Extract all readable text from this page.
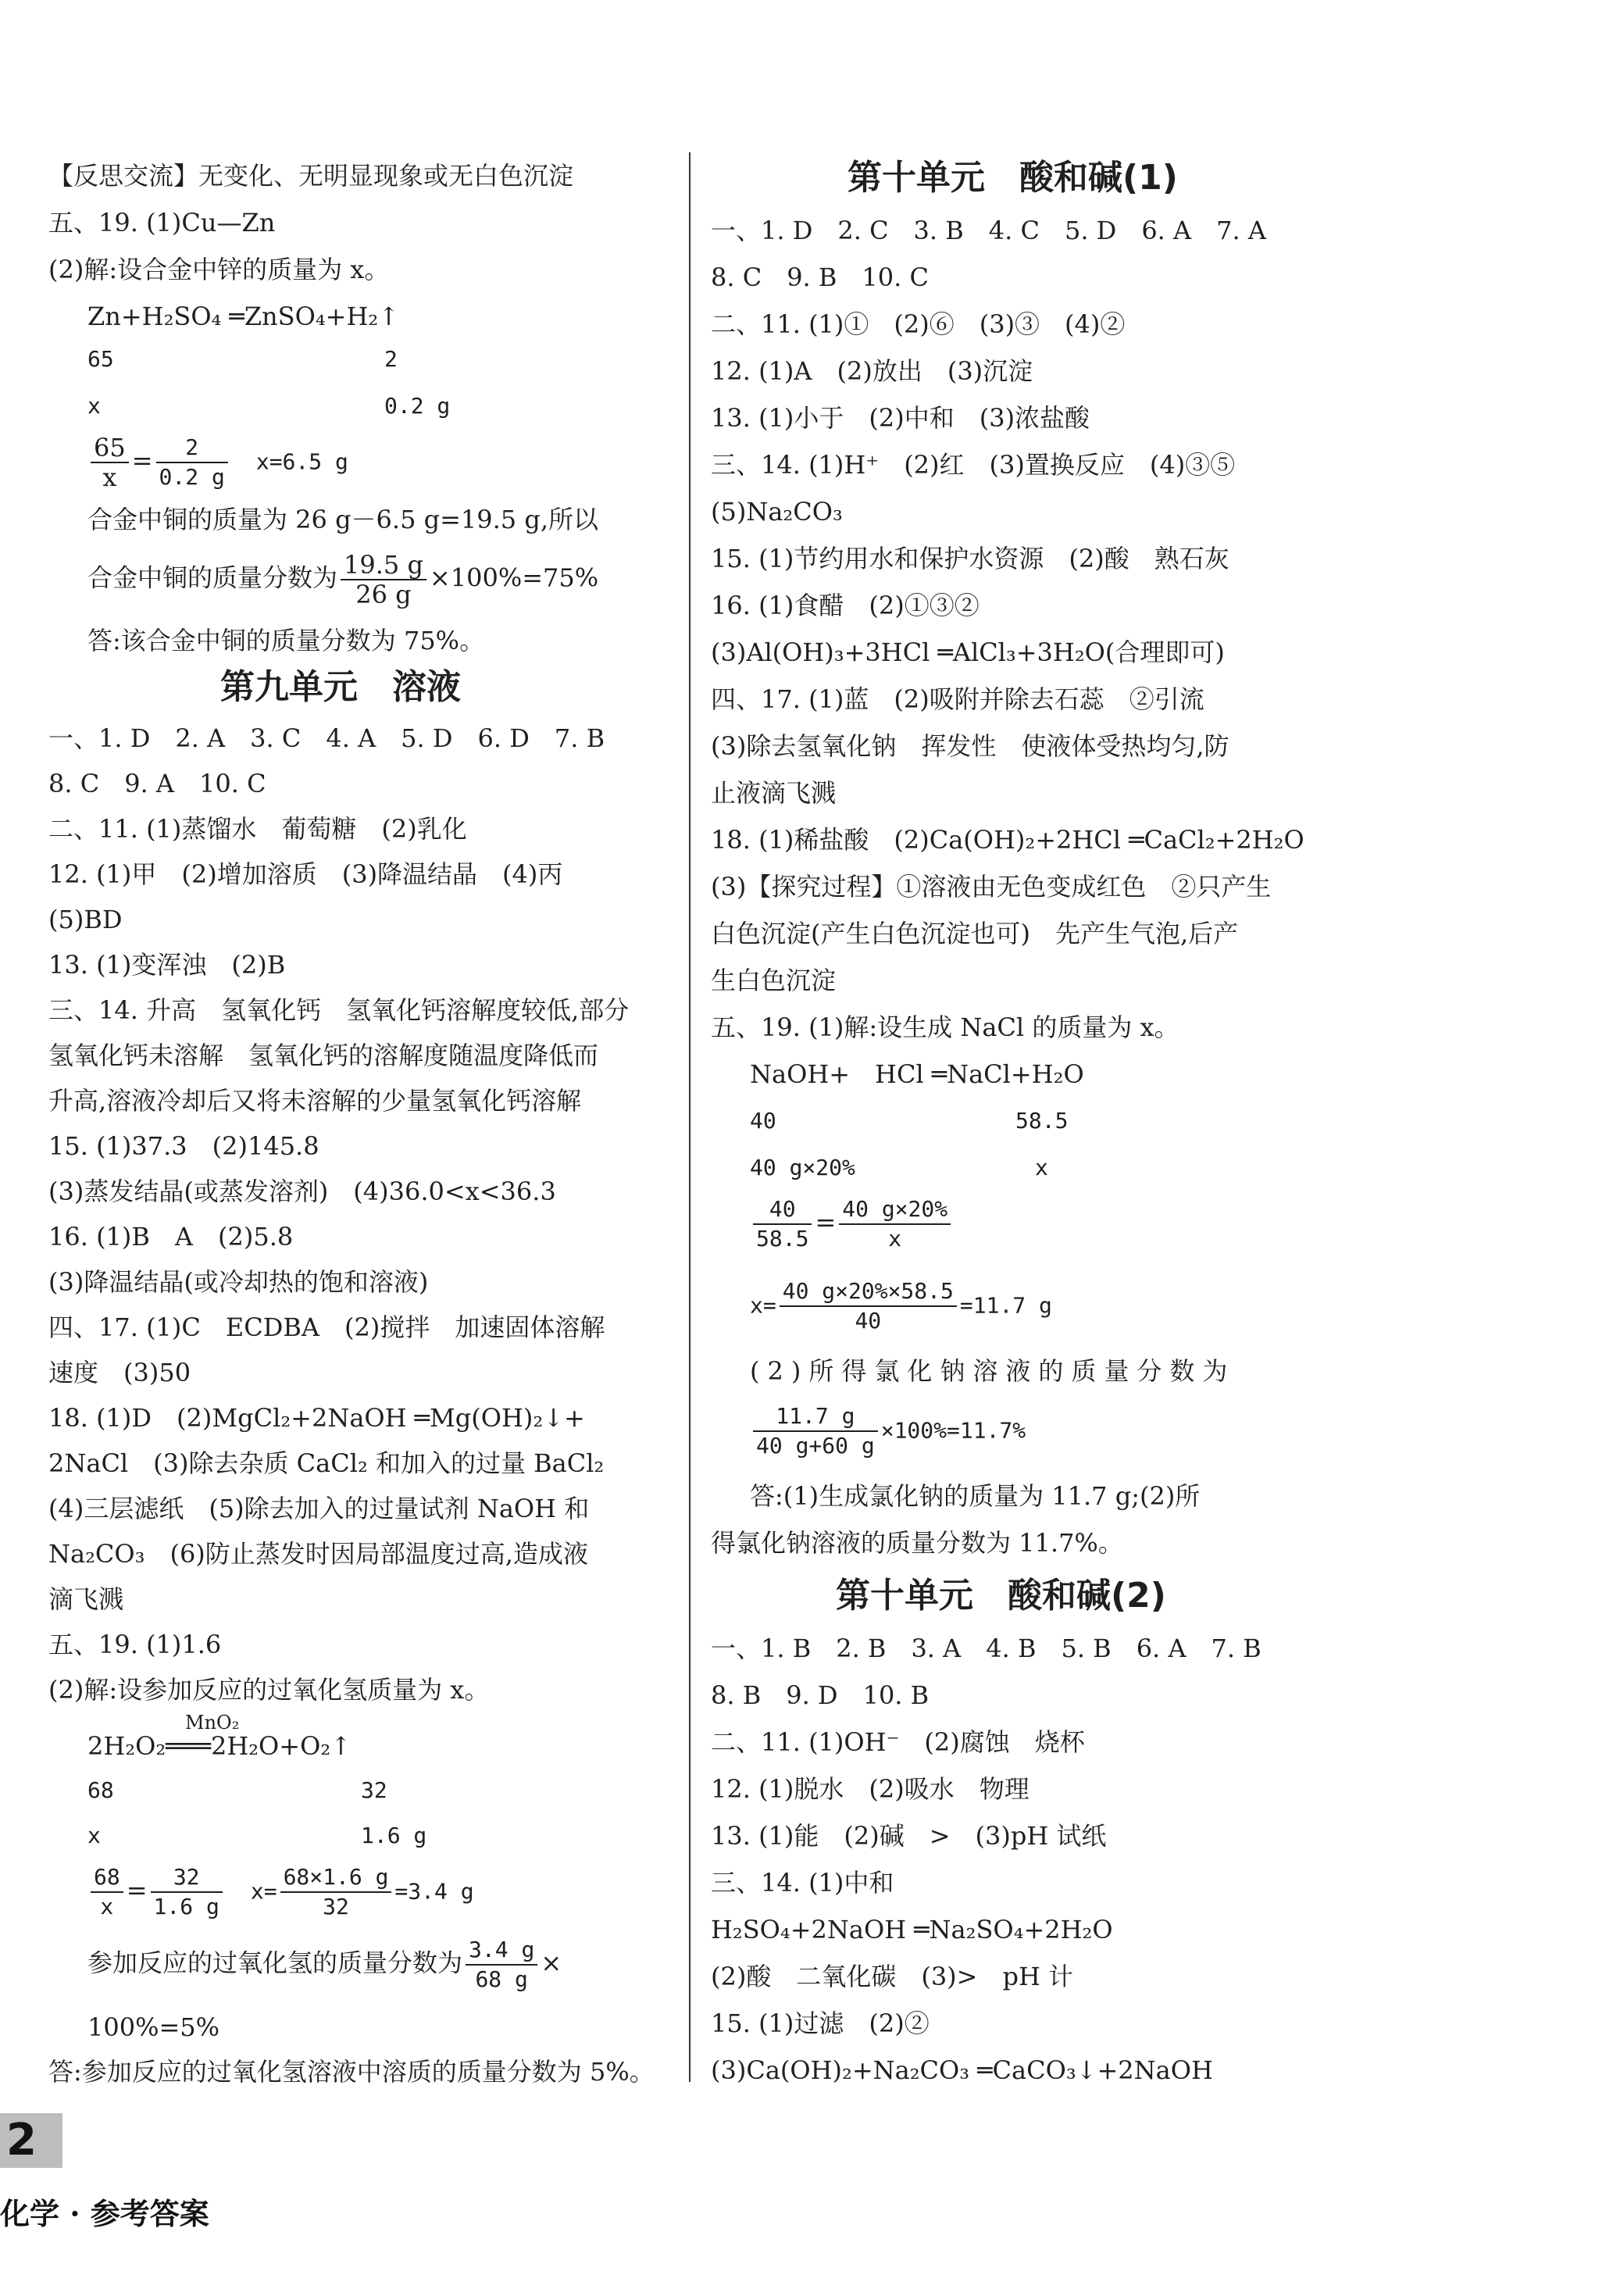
【反思交流】无变化、无明显现象或无白色沉淀
五、19. (1)Cu—Zn
(2)解:设合金中锌的质量为 x。
Zn+H₂SO₄ ═ZnSO₄+H₂↑
65	2
x	0.2 g
$\frac{65}{x} = \frac{2}{0.2 g}$
　 x=6.5 g
合金中铜的质量为 26 g－6.5 g=19.5 g,所以
合金中铜的质量分数为 $\frac{19.5 g}{26 g} \times 100\%=75\%$
答:该合金中铜的质量分数为 75%。
第九单元　溶液
一、1. D　2. A　3. C　4. A　5. D　6. D　7. B
8. C　9. A　10. C
二、11. (1)蒸馏水　葡萄糖　(2)乳化
12. (1)甲　(2)增加溶质　(3)降温结晶　(4)丙
(5)BD
13. (1)变浑浊　(2)B
三、14. 升高　氢氧化钙　氢氧化钙溶解度较低,部分
氢氧化钙未溶解　氢氧化钙的溶解度随温度降低而
升高,溶液冷却后又将未溶解的少量氢氧化钙溶解
15. (1)37.3　(2)145.8
(3)蒸发结晶(或蒸发溶剂)　(4)36.0<x<36.3
16. (1)B　A　(2)5.8
(3)降温结晶(或冷却热的饱和溶液)
四、17. (1)C　ECDBA　(2)搅拌　加速固体溶解
速度　(3)50
18. (1)D　(2)MgCl₂+2NaOH ═Mg(OH)₂↓+
2NaCl　(3)除去杂质 CaCl₂ 和加入的过量 BaCl₂
(4)三层滤纸　(5)除去加入的过量试剂 NaOH 和
Na₂CO₃　(6)防止蒸发时因局部温度过高,造成液
滴飞溅
五、19. (1)1.6
(2)解:设参加反应的过氧化氢质量为 x。
MnO₂
2H₂O₂═══2H₂O+O₂↑
68	32
x	1.6 g
$\frac{68}{x} = \frac{32}{1.6 g}$
　 $x= \frac{68\times 1.6 g}{32} =3.4$ g
参加反应的过氧化氢的质量分数为 $\frac{3.4 g}{68 g}$ ×
100%=5%
答:参加反应的过氧化氢溶液中溶质的质量分数为 5%。
第十单元　酸和碱(1)
一、1. D　2. C　3. B　4. C　5. D　6. A　7. A
8. C　9. B　10. C
二、11. (1)①　(2)⑥　(3)③　(4)②
12. (1)A　(2)放出　(3)沉淀
13. (1)小于　(2)中和　(3)浓盐酸
三、14. (1)H⁺　(2)红　(3)置换反应　(4)③⑤
(5)Na₂CO₃
15. (1)节约用水和保护水资源　(2)酸　熟石灰
16. (1)食醋　(2)①③②
(3)Al(OH)₃+3HCl ═AlCl₃+3H₂O(合理即可)
四、17. (1)蓝　(2)吸附并除去石蕊　②引流
(3)除去氢氧化钠　挥发性　使液体受热均匀,防
止液滴飞溅
18. (1)稀盐酸　(2)Ca(OH)₂+2HCl ═CaCl₂+2H₂O
(3)【探究过程】①溶液由无色变成红色　②只产生
白色沉淀(产生白色沉淀也可)　先产生气泡,后产
生白色沉淀
五、19. (1)解:设生成 NaCl 的质量为 x。
NaOH+　HCl ═NaCl+H₂O
40	58.5
40 g×20%	x
$\frac{40}{58.5} = \frac{40 g\times 20\%}{x}$
$x= \frac{40 g\times 20\%\times 58.5}{40} =11.7$ g
(2)所得氯化钠溶液的质量分数为
$\frac{11.7 g}{40 g+60 g} \times 100\%=11.7\%$
答:(1)生成氯化钠的质量为 11.7 g;(2)所
得氯化钠溶液的质量分数为 11.7%。
第十单元　酸和碱(2)
一、1. B　2. B　3. A　4. B　5. B　6. A　7. B
8. B　9. D　10. B
二、11. (1)OH⁻　(2)腐蚀　烧杯
12. (1)脱水　(2)吸水　物理
13. (1)能　(2)碱　>　(3)pH 试纸
三、14. (1)中和
H₂SO₄+2NaOH ═Na₂SO₄+2H₂O
(2)酸　二氧化碳　(3)>　pH 计
15. (1)过滤　(2)②
(3)Ca(OH)₂+Na₂CO₃ ═CaCO₃↓+2NaOH
2
化学 · 参考答案
